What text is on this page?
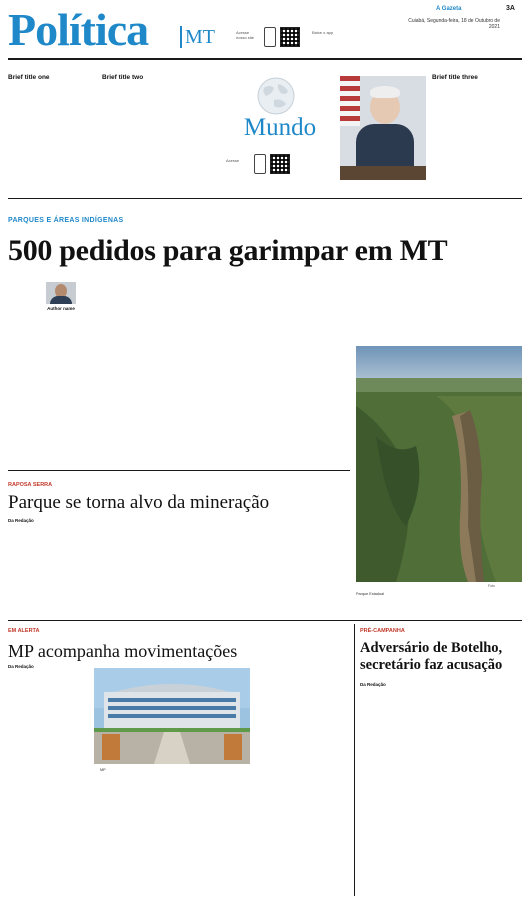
Política MT	Acesse nosso site
Baixe o app
A Gazeta
Cuiabá, Segunda-feira, 18 de Outubro de 2021
3A
Brief title one

	Brief title two
Mundo
Acesse
Brief title three
PARQUES E ÁREAS INDÍGENAS
500 pedidos para garimpar em MT
Author name
Foto
Parque Estadual
RAPOSA SERRA
Parque se torna alvo da mineração
Da Redação
EM ALERTA
MP acompanha movimentações
Da Redação
MP
PRÉ-CAMPANHA
Adversário de Botelho, secretário faz acusação
Da Redação
